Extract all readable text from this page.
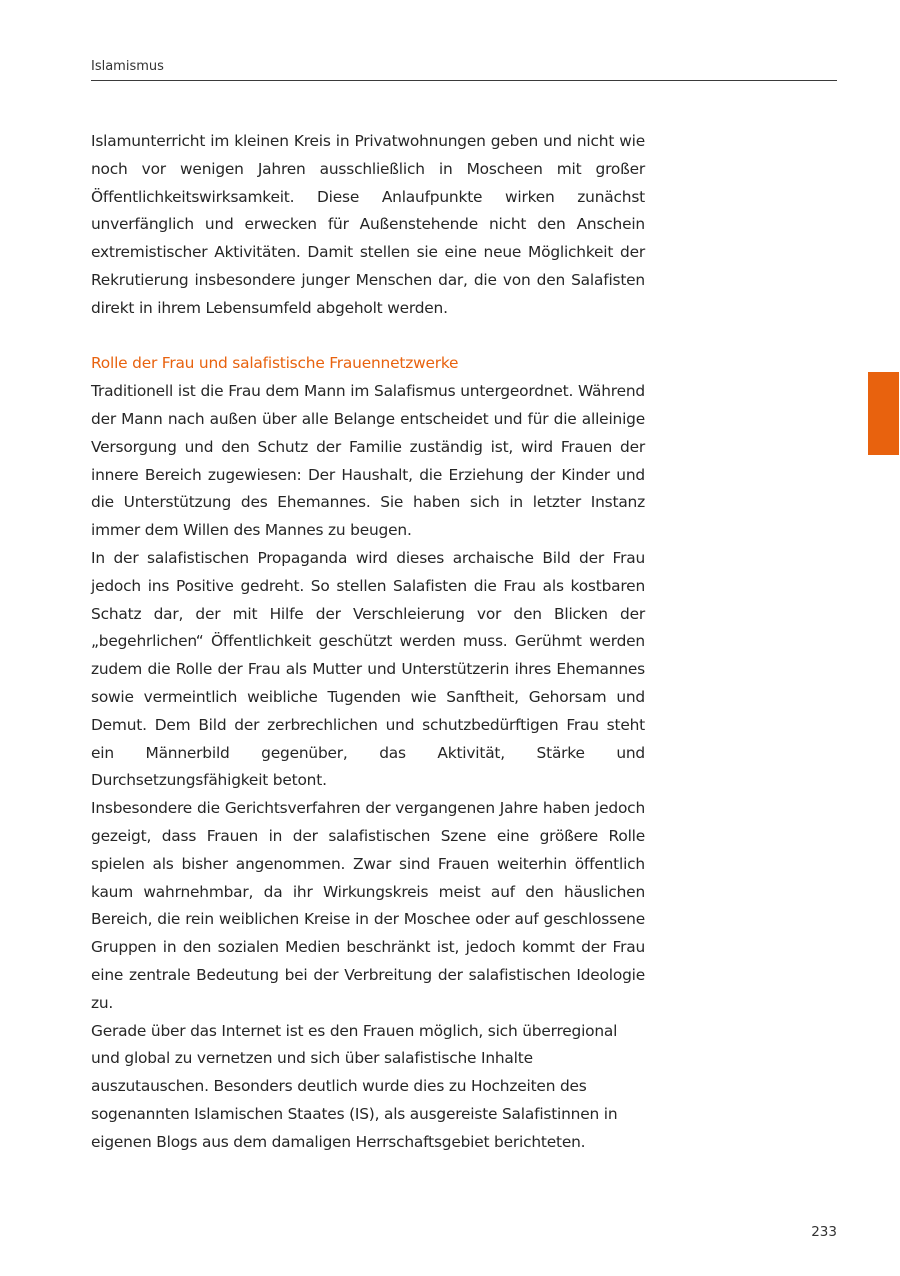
Islamismus

Islamunterricht im kleinen Kreis in Privatwohnungen geben und nicht wie noch vor wenigen Jahren ausschließlich in Moscheen mit großer Öffentlichkeitswirksamkeit. Diese Anlaufpunkte wirken zunächst unverfänglich und erwecken für Außenstehende nicht den Anschein extremistischer Aktivitäten. Damit stellen sie eine neue Möglichkeit der Rekrutierung insbesondere junger Menschen dar, die von den Salafisten direkt in ihrem Lebensumfeld abgeholt werden.

Rolle der Frau und salafistische Frauennetzwerke

Traditionell ist die Frau dem Mann im Salafismus untergeordnet. Während der Mann nach außen über alle Belange entscheidet und für die alleinige Versorgung und den Schutz der Familie zuständig ist, wird Frauen der innere Bereich zugewiesen: Der Haushalt, die Erziehung der Kinder und die Unterstützung des Ehemannes. Sie haben sich in letzter Instanz immer dem Willen des Mannes zu beugen.

In der salafistischen Propaganda wird dieses archaische Bild der Frau jedoch ins Positive gedreht. So stellen Salafisten die Frau als kostbaren Schatz dar, der mit Hilfe der Verschleierung vor den Blicken der „begehrlichen“ Öffentlichkeit geschützt werden muss. Gerühmt werden zudem die Rolle der Frau als Mutter und Unterstützerin ihres Ehemannes sowie vermeintlich weibliche Tugenden wie Sanftheit, Gehorsam und Demut. Dem Bild der zerbrechlichen und schutzbedürftigen Frau steht ein Männerbild gegenüber, das Aktivität, Stärke und Durchsetzungsfähigkeit betont.

Insbesondere die Gerichtsverfahren der vergangenen Jahre haben jedoch gezeigt, dass Frauen in der salafistischen Szene eine größere Rolle spielen als bisher angenommen. Zwar sind Frauen weiterhin öffentlich kaum wahrnehmbar, da ihr Wirkungskreis meist auf den häuslichen Bereich, die rein weiblichen Kreise in der Moschee oder auf geschlossene Gruppen in den sozialen Medien beschränkt ist, jedoch kommt der Frau eine zentrale Bedeutung bei der Verbreitung der salafistischen Ideologie zu.

Gerade über das Internet ist es den Frauen möglich, sich überregional und global zu vernetzen und sich über salafistische Inhalte auszutauschen. Besonders deutlich wurde dies zu Hochzeiten des sogenannten Islamischen Staates (IS), als ausgereiste Salafistinnen in eigenen Blogs aus dem damaligen Herrschaftsgebiet berichteten.

233
